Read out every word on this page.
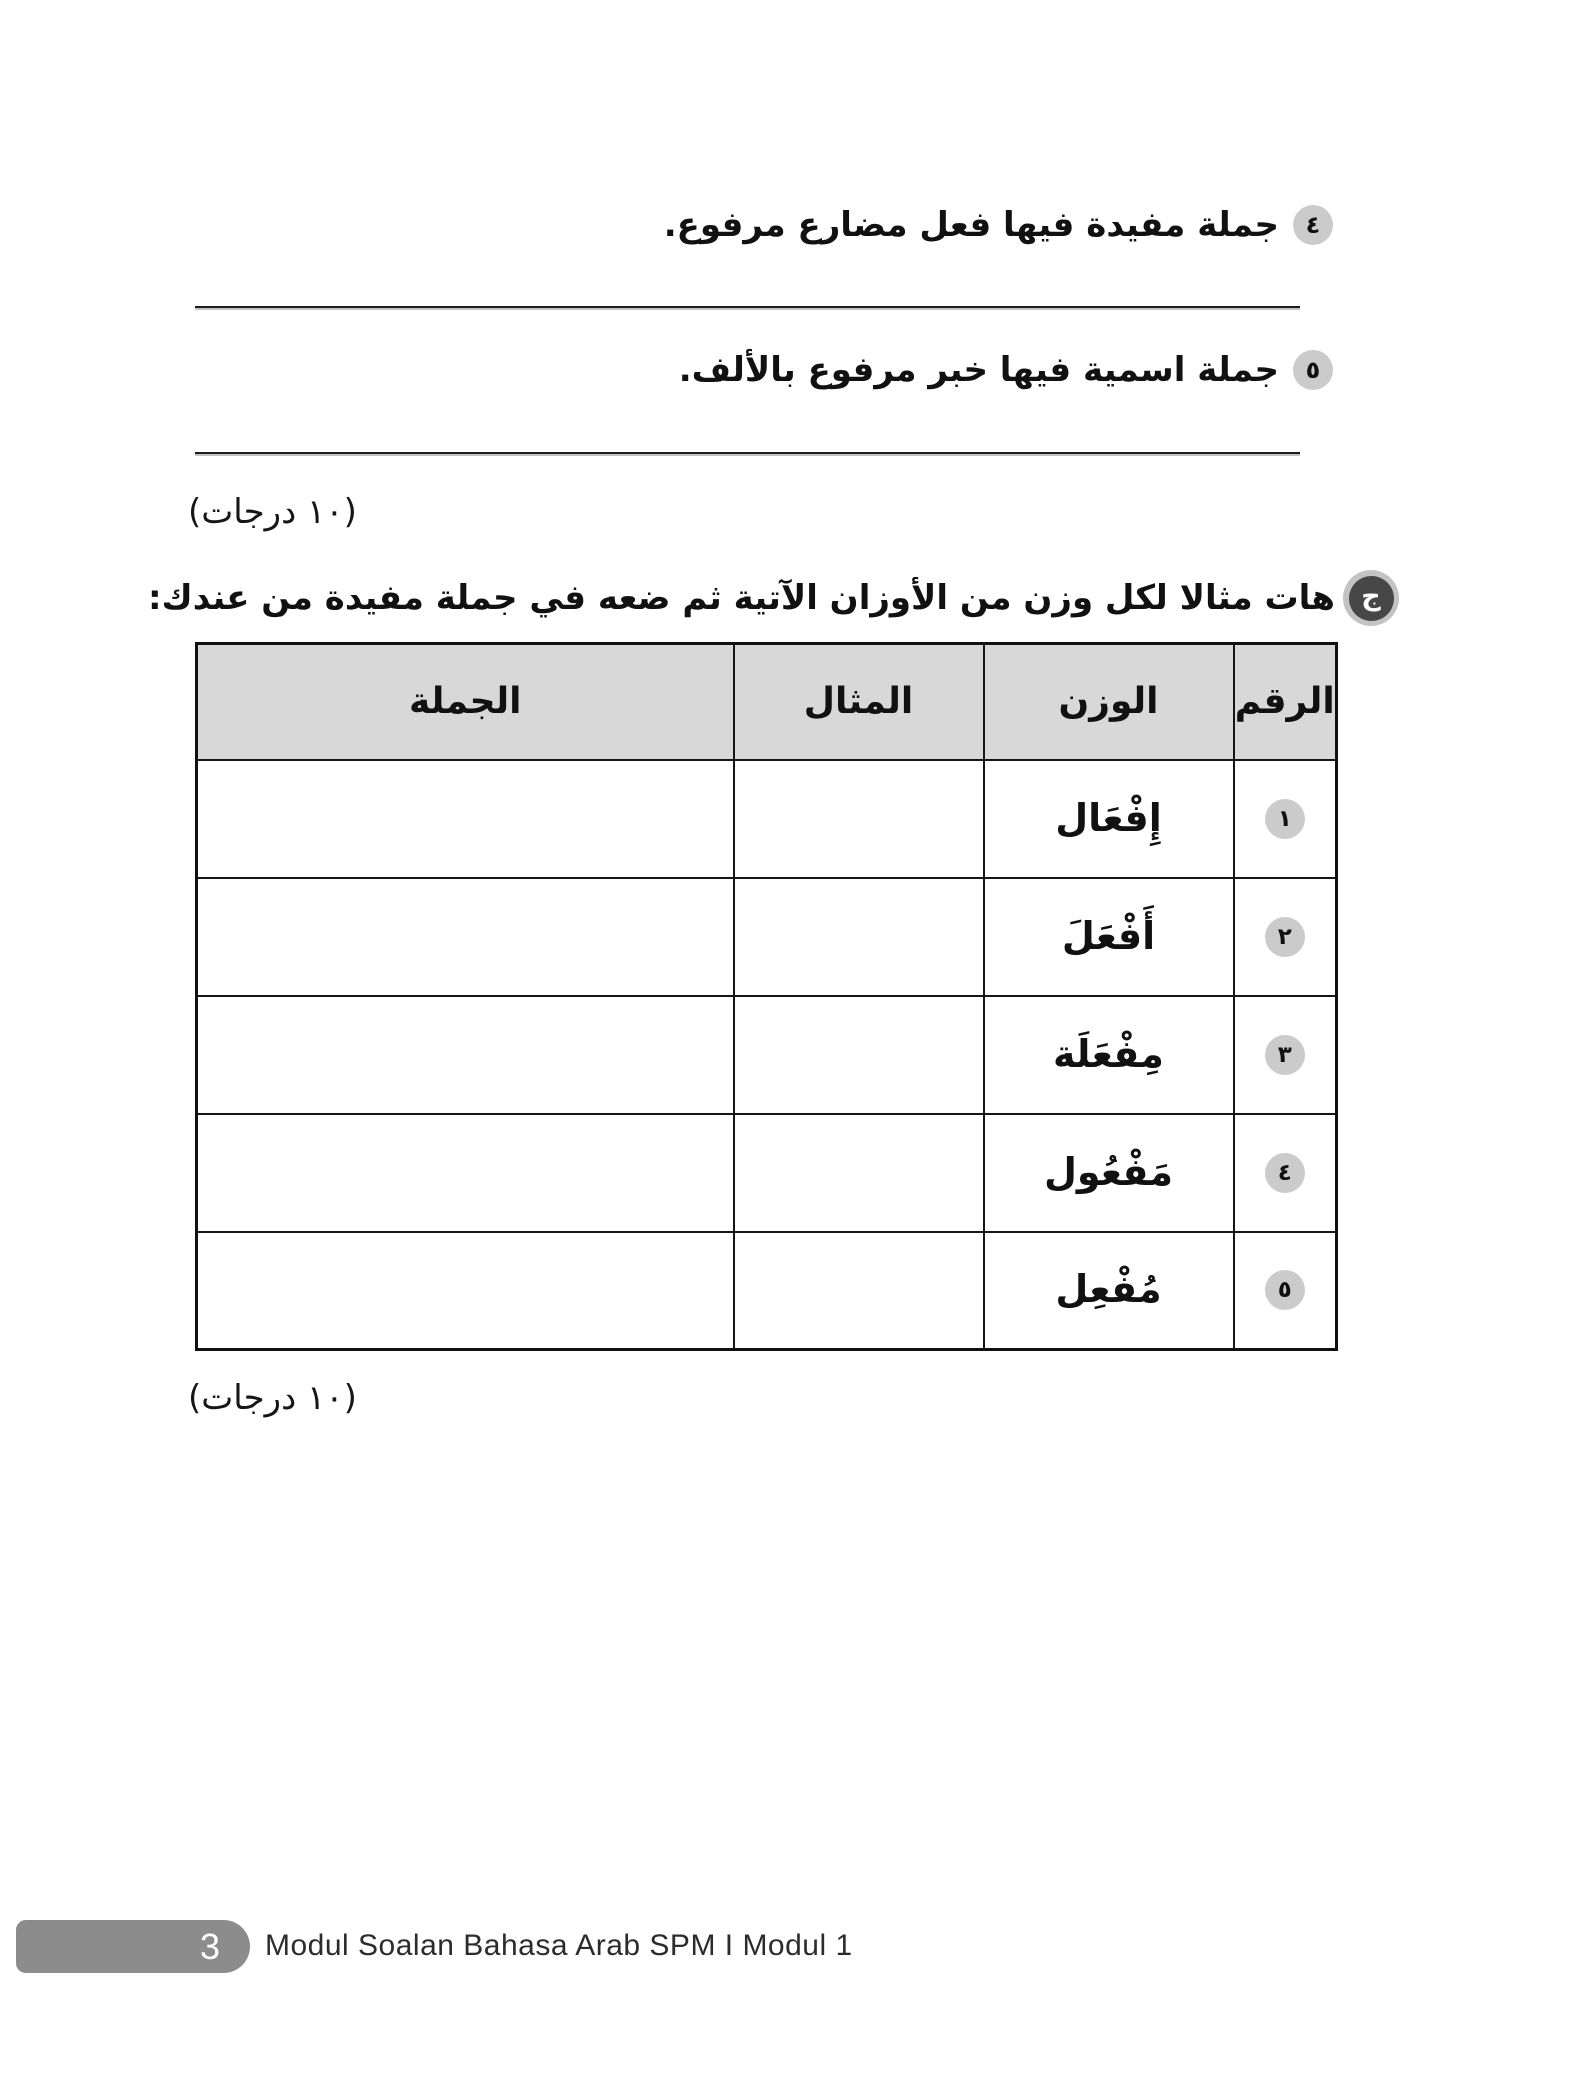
٤
جملة مفيدة فيها فعل مضارع مرفوع.
٥
جملة اسمية فيها خبر مرفوع بالألف.
(١٠ درجات)
ج
هات مثالا لكل وزن من الأوزان الآتية ثم ضعه في جملة مفيدة من عندك:
الرقم	الوزن	المثال	الجملة

١	إِفْعَال		

٢	أَفْعَلَ		

٣	مِفْعَلَة		

٤	مَفْعُول		

٥	مُفْعِل		

(١٠ درجات)
3 Modul Soalan Bahasa Arab SPM I Modul 1
